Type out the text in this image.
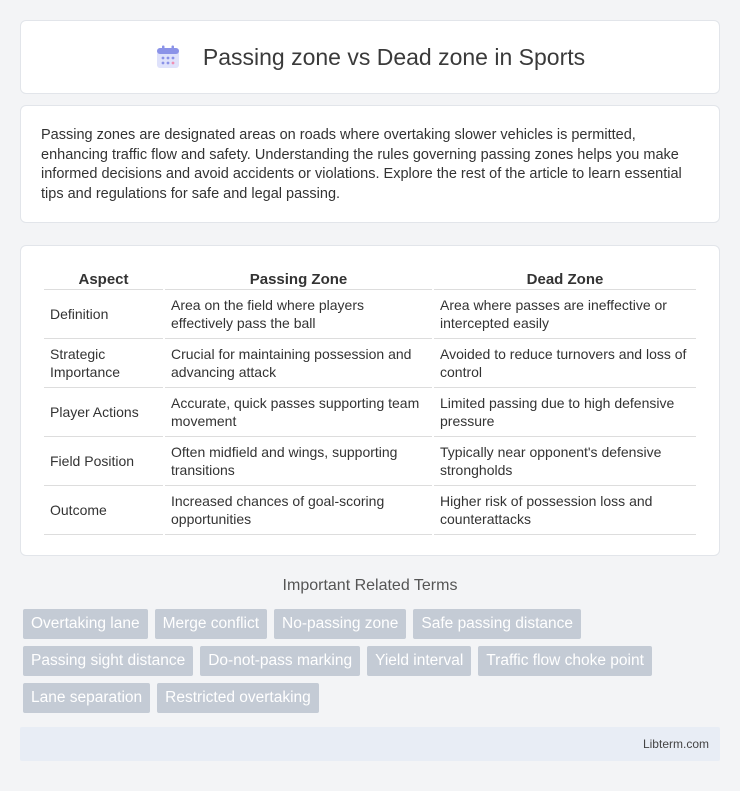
Passing zone vs Dead zone in Sports

Passing zones are designated areas on roads where overtaking slower vehicles is permitted, enhancing traffic flow and safety. Understanding the rules governing passing zones helps you make informed decisions and avoid accidents or violations. Explore the rest of the article to learn essential tips and regulations for safe and legal passing.

Aspect	Passing Zone	Dead Zone
Definition	Area on the field where players effectively pass the ball	Area where passes are ineffective or intercepted easily
Strategic Importance	Crucial for maintaining possession and advancing attack	Avoided to reduce turnovers and loss of control
Player Actions	Accurate, quick passes supporting team movement	Limited passing due to high defensive pressure
Field Position	Often midfield and wings, supporting transitions	Typically near opponent's defensive strongholds
Outcome	Increased chances of goal-scoring opportunities	Higher risk of possession loss and counterattacks
Important Related Terms
Overtaking lane	Merge conflict	No-passing zone	Safe passing distance
Passing sight distance	Do-not-pass marking	Yield interval	Traffic flow choke point
Lane separation	Restricted overtaking
Libterm.com
